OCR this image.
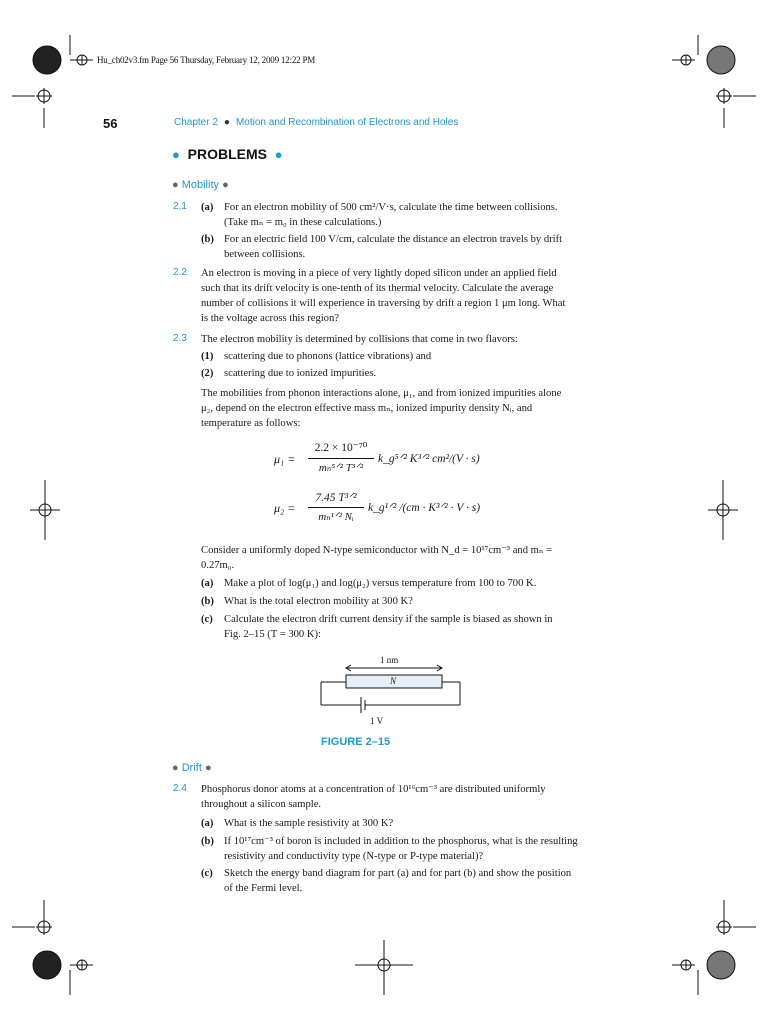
Hu_ch02v3.fm Page 56 Thursday, February 12, 2009 12:22 PM
56	Chapter 2 ● Motion and Recombination of Electrons and Holes
● PROBLEMS ●
● Mobility ●
2.1 (a) For an electron mobility of 500 cm²/V·s, calculate the time between collisions.
(Take mₙ = m₀ in these calculations.)
(b) For an electric field 100 V/cm, calculate the distance an electron travels by drift
between collisions.
2.2 An electron is moving in a piece of very lightly doped silicon under an applied field
such that its drift velocity is one-tenth of its thermal velocity. Calculate the average
number of collisions it will experience in traversing by drift a region 1 μm long. What
is the voltage across this region?
2.3 The electron mobility is determined by collisions that come in two flavors:
(1) scattering due to phonons (lattice vibrations) and
(2) scattering due to ionized impurities.
The mobilities from phonon interactions alone, μ₁, and from ionized impurities alone
μ₂, depend on the electron effective mass mₙ, ionized impurity density Nᵢ, and
temperature as follows:
μ₁ =
2.2 × 10⁻⁷⁰
mₙ⁵ᐟ² T³ᐟ²
k_g⁵ᐟ² K³ᐟ² cm²/(V · s)
μ₂ =
7.45 T³ᐟ²
mₙ¹ᐟ² Nᵢ
k_g¹ᐟ² /(cm · K³ᐟ² · V · s)
Consider a uniformly doped N-type semiconductor with N_d = 10¹⁷cm⁻³ and mₙ =
0.27m₀.
(a) Make a plot of log(μ₁) and log(μ₂) versus temperature from 100 to 700 K.
(b) What is the total electron mobility at 300 K?
(c) Calculate the electron drift current density if the sample is biased as shown in
Fig. 2–15 (T = 300 K):
1 nm
N
1 V
FIGURE 2–15
● Drift ●
2.4 Phosphorus donor atoms at a concentration of 10¹⁶cm⁻³ are distributed uniformly
throughout a silicon sample.
(a) What is the sample resistivity at 300 K?
(b) If 10¹⁷cm⁻³ of boron is included in addition to the phosphorus, what is the resulting
resistivity and conductivity type (N-type or P-type material)?
(c) Sketch the energy band diagram for part (a) and for part (b) and show the position
of the Fermi level.
